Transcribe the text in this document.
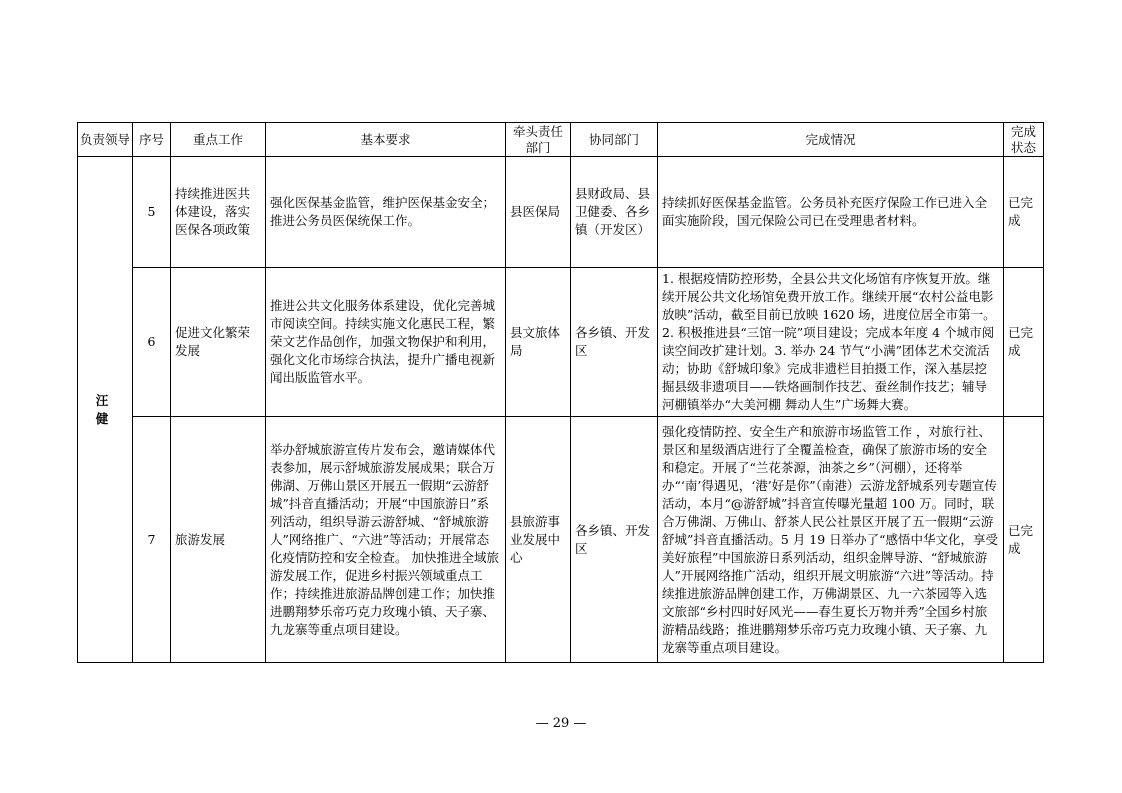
负责领导	序号	重点工作	基本要求	牵头责任部门	协同部门	完成情况	完成状态
汪 健	5	持续推进医共体建设，落实医保各项政策	强化医保基金监管，维护医保基金安全；推进公务员医保统保工作。	县医保局	县财政局、县卫健委、各乡镇（开发区）	持续抓好医保基金监管。公务员补充医疗保险工作已进入全面实施阶段，国元保险公司已在受理患者材料。	已完成
	6	促进文化繁荣发展	推进公共文化服务体系建设，优化完善城市阅读空间。持续实施文化惠民工程，繁荣文艺作品创作，加强文物保护和利用，强化文化市场综合执法，提升广播电视新闻出版监管水平。	县文旅体局	各乡镇、开发区	1. 根据疫情防控形势，全县公共文化场馆有序恢复开放。继续开展公共文化场馆免费开放工作。继续开展“农村公益电影放映”活动，截至目前已放映 1620 场，进度位居全市第一。2. 积极推进县“三馆一院”项目建设；完成本年度 4 个城市阅读空间改扩建计划。3. 举办 24 节气“小满”团体艺术交流活动；协助《舒城印象》完成非遗栏目拍摄工作，深入基层挖掘县级非遗项目——铁烙画制作技艺、蚕丝制作技艺；辅导河棚镇举办“大美河棚 舞动人生”广场舞大赛。	已完成
	7	旅游发展	举办舒城旅游宣传片发布会，邀请媒体代表参加，展示舒城旅游发展成果；联合万佛湖、万佛山景区开展五一假期“云游舒城”抖音直播活动；开展“中国旅游日”系列活动，组织导游云游舒城、“舒城旅游人”网络推广、“六进”等活动；开展常态化疫情防控和安全检查。 加快推进全域旅游发展工作，促进乡村振兴领域重点工作；持续推进旅游品牌创建工作；加快推进鹏翔梦乐帝巧克力玫瑰小镇、天子寨、九龙寨等重点项目建设。	县旅游事业发展中心	各乡镇、开发区	强化疫情防控、安全生产和旅游市场监管工作 ，对旅行社、景区和星级酒店进行了全覆盖检查，确保了旅游市场的安全和稳定。开展了“兰花茶源，油茶之乡”（河棚），还将举办“‘南’得遇见，‘港’好是你”（南港）云游龙舒城系列专题宣传活动，本月“@游舒城”抖音宣传曝光量超 100 万。同时，联合万佛湖、万佛山、舒茶人民公社景区开展了五一假期“云游舒城”抖音直播活动。5 月 19 日举办了“感悟中华文化，享受美好旅程”中国旅游日系列活动，组织金牌导游、“舒城旅游人”开展网络推广活动，组织开展文明旅游“六进”等活动。持续推进旅游品牌创建工作，万佛湖景区、九一六茶园等入选文旅部“乡村四时好风光——春生夏长万物并秀”全国乡村旅游精品线路；推进鹏翔梦乐帝巧克力玫瑰小镇、天子寨、九龙寨等重点项目建设。	已完成
— 29 —
